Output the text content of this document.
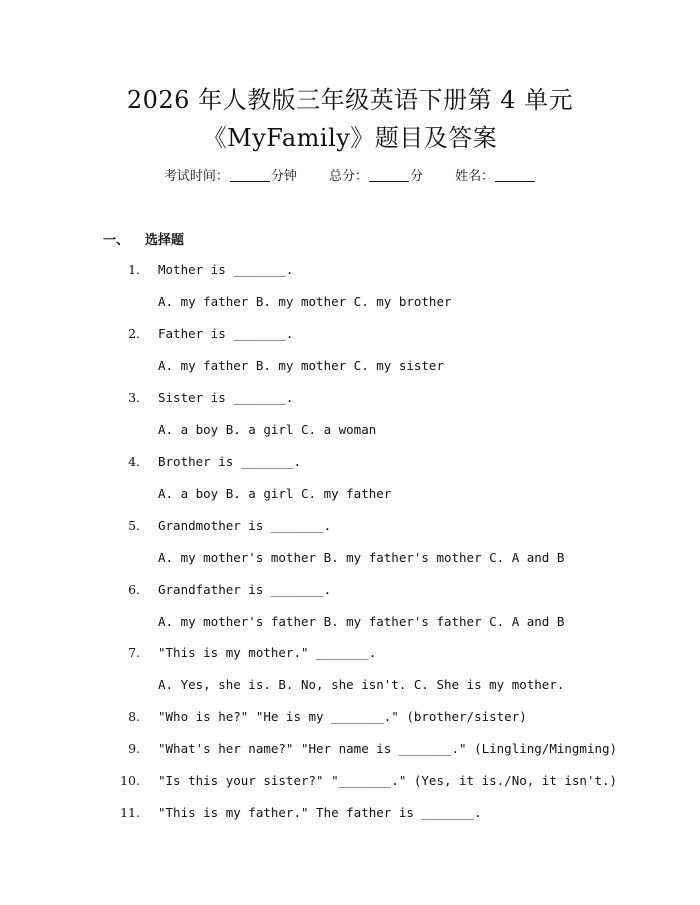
2026 年人教版三年级英语下册第 4 单元
《MyFamily》题目及答案
考试时间：	分钟 总分：	分 姓名：
一、 选择题
1. Mother is _______.
A. my father B. my mother C. my brother
2. Father is _______.
A. my father B. my mother C. my sister
3. Sister is _______.
A. a boy B. a girl C. a woman
4. Brother is _______.
A. a boy B. a girl C. my father
5. Grandmother is _______.
A. my mother's mother B. my father's mother C. A and B
6. Grandfather is _______.
A. my mother's father B. my father's father C. A and B
7. "This is my mother." _______.
A. Yes, she is. B. No, she isn't. C. She is my mother.
8. "Who is he?" "He is my _______." (brother/sister)
9. "What's her name?" "Her name is _______." (Lingling/Mingming)
10. "Is this your sister?" "_______." (Yes, it is./No, it isn't.)
11. "This is my father." The father is _______.
